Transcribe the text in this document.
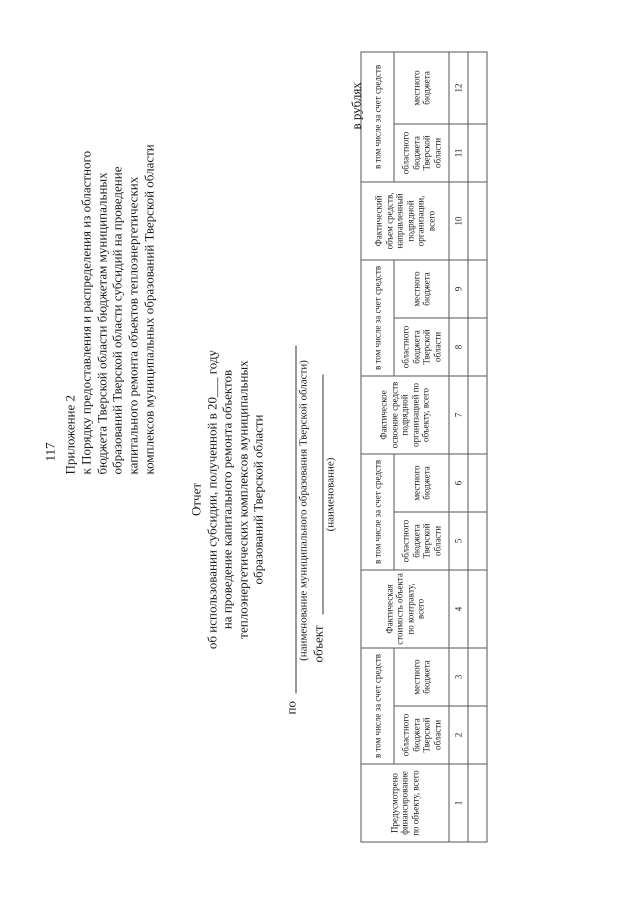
117 Приложение 2 к Порядку предоставления и распределения из областного бюджета Тверской области бюджетам муниципальных образований Тверской области субсидий на проведение капитального ремонта объектов теплоэнергетических комплексов муниципальных образований Тверской области
Отчет об использовании субсидии, полученной в 20___ году на проведение капитального ремонта объектов теплоэнергетических комплексов муниципальных образований Тверской области
по
(наименование муниципального образования Тверской области) объект
(наименование)
в рублях
Предусмотрено финансирование по объекту, всего	в том числе за счет средств		Фактическая стоимость объекта по контракту, всего	в том числе за счет средств		Фактическое освоение средств подрядной организацией по объекту, всего	в том числе за счет средств		Фактический объем средств, направленный подрядной организации, всего	в том числе за счет средств	
	областного бюджета Тверской области	местного бюджета		областного бюджета Тверской области	местного бюджета		областного бюджета Тверской области	местного бюджета		областного бюджета Тверской области	местного бюджета
1	2	3	4	5	6	7	8	9	10	11	12
